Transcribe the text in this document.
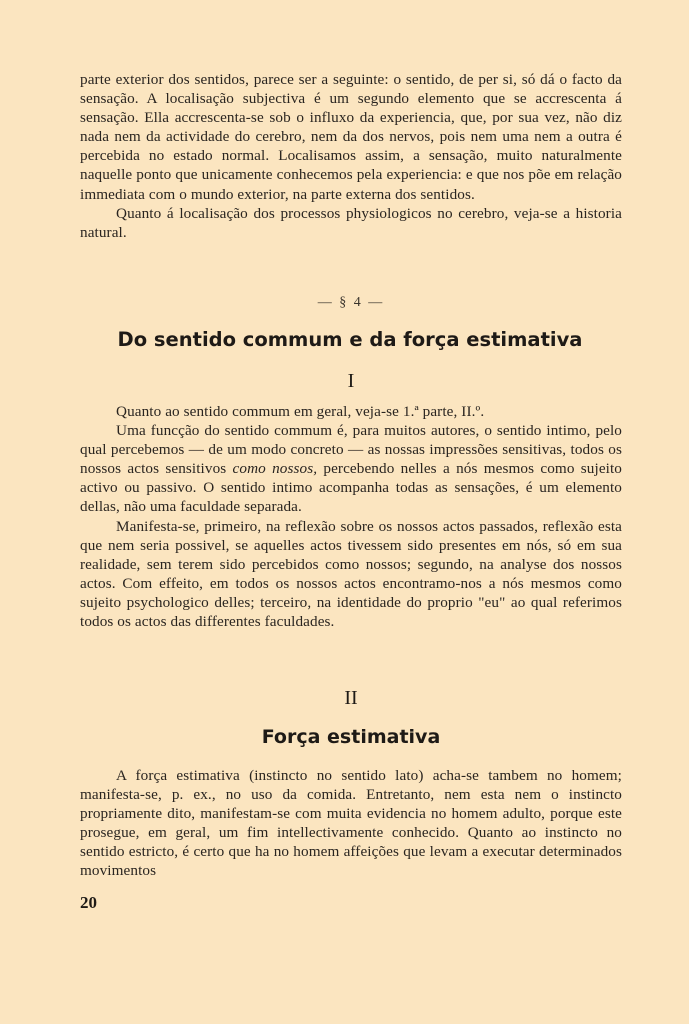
parte exterior dos sentidos, parece ser a seguinte: o sentido, de per si, só dá o facto da sensação. A localisação subjectiva é um segundo elemento que se accrescenta á sensação. Ella accrescenta-se sob o influxo da experiencia, que, por sua vez, não diz nada nem da actividade do cerebro, nem da dos nervos, pois nem uma nem a outra é percebida no estado normal. Localisamos assim, a sensação, muito naturalmente naquelle ponto que unicamente conhecemos pela experiencia: e que nos põe em relação immediata com o mundo exterior, na parte externa dos sentidos.

Quanto á localisação dos processos physiologicos no cerebro, veja-se a historia natural.

— § 4 —
Do sentido commum e da força estimativa
I

Quanto ao sentido commum em geral, veja-se 1.ª parte, II.º.

Uma funcção do sentido commum é, para muitos autores, o sentido intimo, pelo qual percebemos — de um modo concreto — as nossas impressões sensitivas, todos os nossos actos sensitivos como nossos, percebendo nelles a nós mesmos como sujeito activo ou passivo. O sentido intimo acompanha todas as sensações, é um elemento dellas, não uma faculdade separada.

Manifesta-se, primeiro, na reflexão sobre os nossos actos passados, reflexão esta que nem seria possivel, se aquelles actos tivessem sido presentes em nós, só em sua realidade, sem terem sido percebidos como nossos; segundo, na analyse dos nossos actos. Com effeito, em todos os nossos actos encontramo-nos a nós mesmos como sujeito psychologico delles; terceiro, na identidade do proprio "eu" ao qual referimos todos os actos das differentes faculdades.

II
Força estimativa

A força estimativa (instincto no sentido lato) acha-se tambem no homem; manifesta-se, p. ex., no uso da comida. Entretanto, nem esta nem o instincto propriamente dito, manifestam-se com muita evidencia no homem adulto, porque este prosegue, em geral, um fim intellectivamente conhecido. Quanto ao instincto no sentido estricto, é certo que ha no homem affeições que levam a executar determinados movimentos

20
